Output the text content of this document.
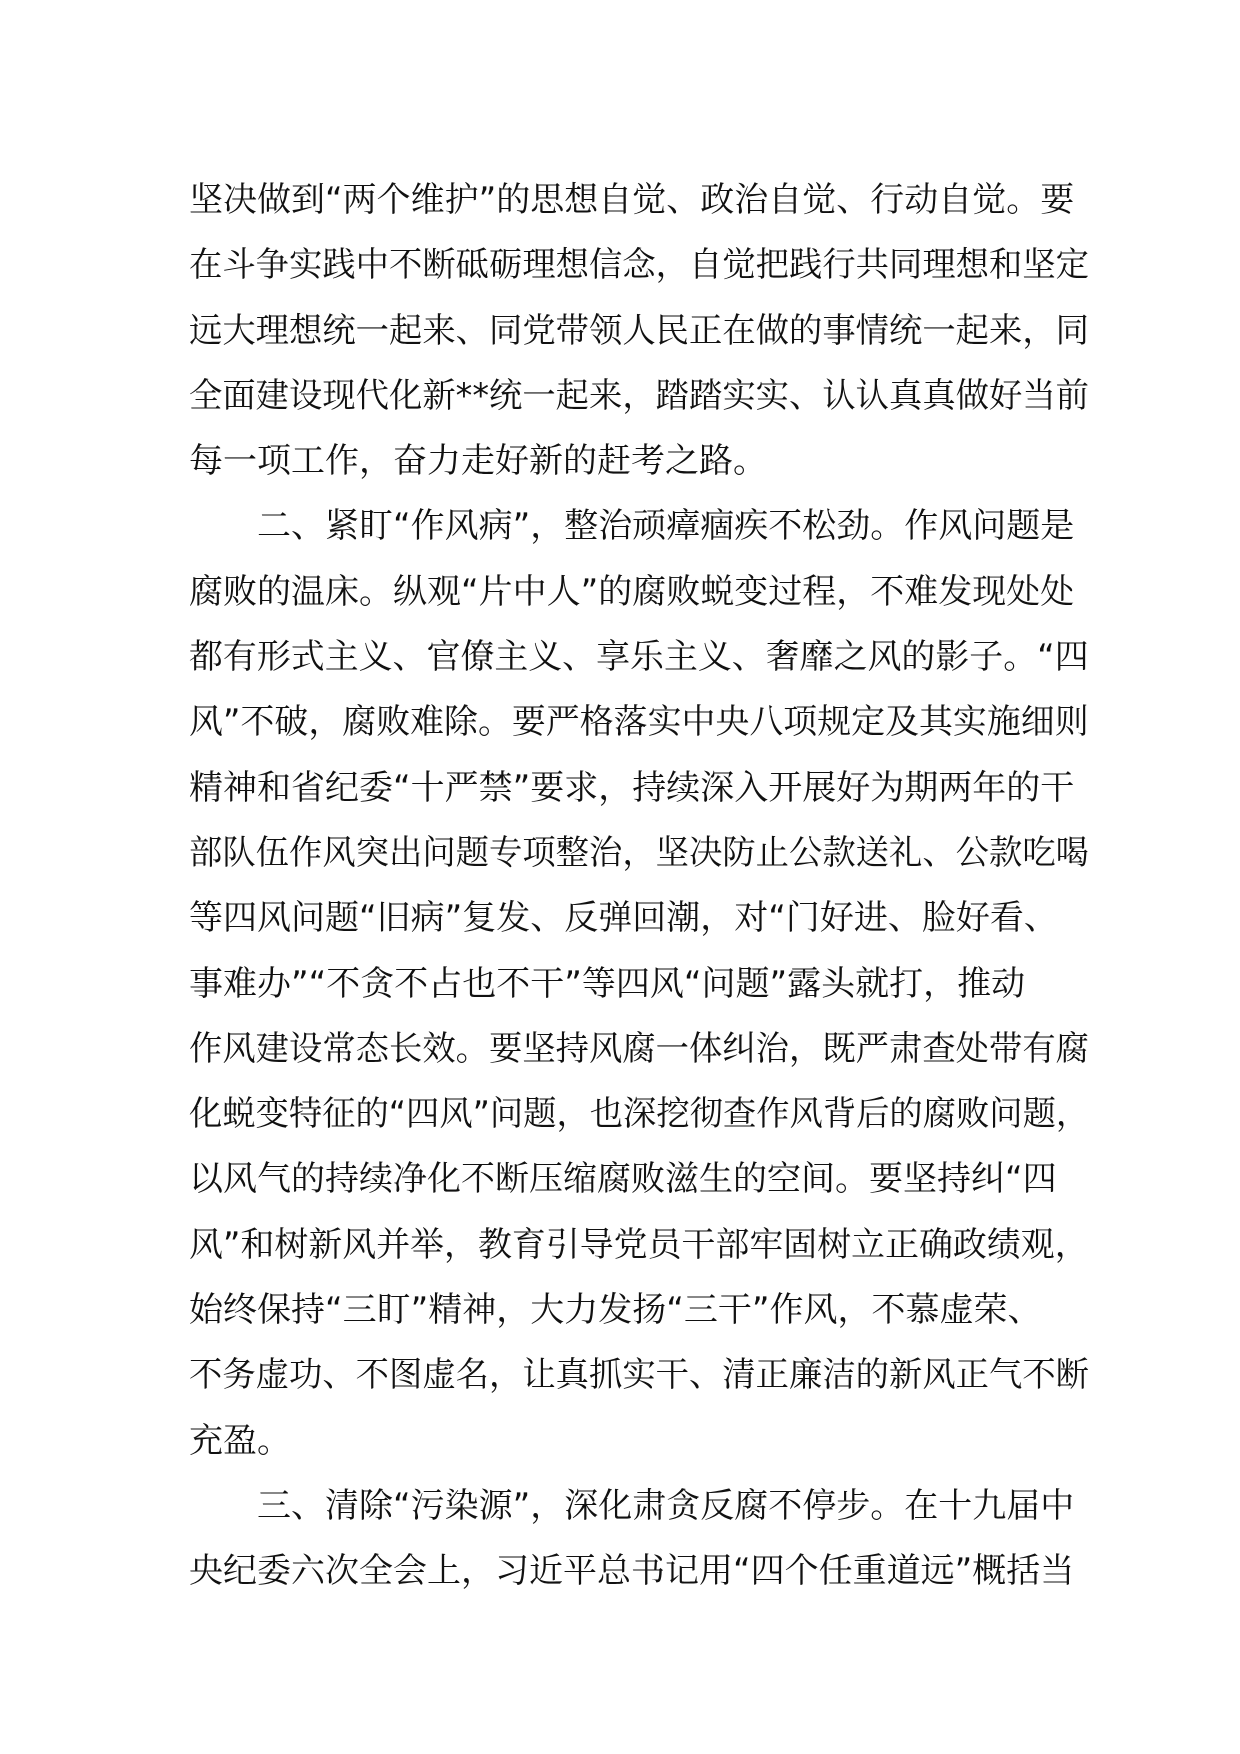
坚决做到“两个维护”的思想自觉、政治自觉、行动自觉。要
在斗争实践中不断砥砺理想信念，自觉把践行共同理想和坚定
远大理想统一起来、同党带领人民正在做的事情统一起来，同
全面建设现代化新**统一起来，踏踏实实、认认真真做好当前
每一项工作，奋力走好新的赶考之路。
二、紧盯“作风病”，整治顽瘴痼疾不松劲。作风问题是
腐败的温床。纵观“片中人”的腐败蜕变过程，不难发现处处
都有形式主义、官僚主义、享乐主义、奢靡之风的影子。“四
风”不破，腐败难除。要严格落实中央八项规定及其实施细则
精神和省纪委“十严禁”要求，持续深入开展好为期两年的干
部队伍作风突出问题专项整治，坚决防止公款送礼、公款吃喝
等四风问题“旧病”复发、反弹回潮，对“门好进、脸好看、
事难办”“不贪不占也不干”等四风“问题”露头就打，推动
作风建设常态长效。要坚持风腐一体纠治，既严肃查处带有腐
化蜕变特征的“四风”问题，也深挖彻查作风背后的腐败问题，
以风气的持续净化不断压缩腐败滋生的空间。要坚持纠“四
风”和树新风并举，教育引导党员干部牢固树立正确政绩观，
始终保持“三盯”精神，大力发扬“三干”作风，不慕虚荣、
不务虚功、不图虚名，让真抓实干、清正廉洁的新风正气不断
充盈。
三、清除“污染源”，深化肃贪反腐不停步。在十九届中
央纪委六次全会上，习近平总书记用“四个任重道远”概括当
